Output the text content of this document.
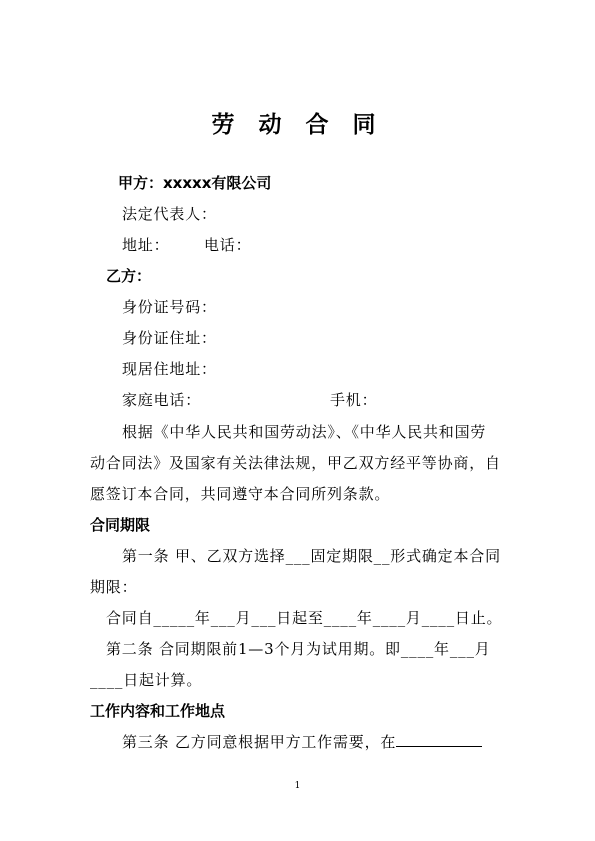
劳 动 合 同
甲方：xxxxx有限公司
法定代表人：
地址： 电话：
乙方：
身份证号码：
身份证住址：
现居住地址：
家庭电话：	手机：
根据《中华人民共和国劳动法》、《中华人民共和国劳
动合同法》及国家有关法律法规，甲乙双方经平等协商，自
愿签订本合同，共同遵守本合同所列条款。
合同期限
第一条 甲、乙双方选择___固定期限__形式确定本合同
期限：
合同自_____年___月___日起至____年____月____日止。
第二条 合同期限前1—3个月为试用期。即____年___月
____日起计算。
工作内容和工作地点
第三条 乙方同意根据甲方工作需要，在
1
